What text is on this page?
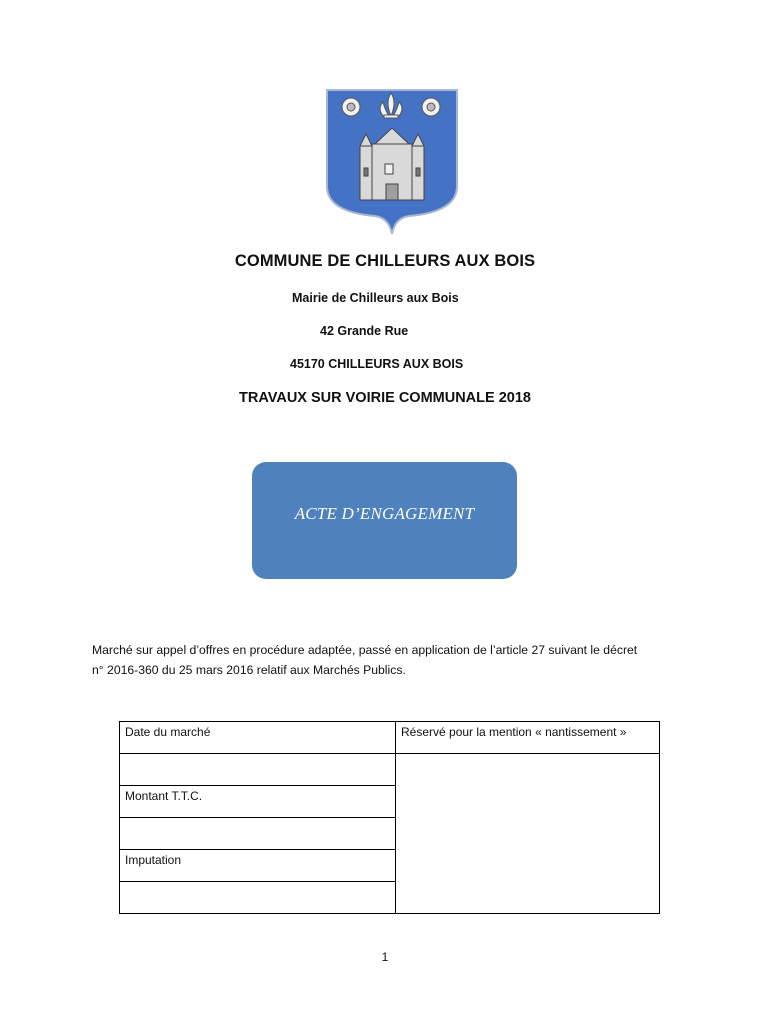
COMMUNE DE CHILLEURS AUX BOIS
Mairie de Chilleurs aux Bois
42 Grande Rue
45170 CHILLEURS AUX BOIS
TRAVAUX SUR VOIRIE COMMUNALE 2018
ACTE D’ENGAGEMENT
Marché sur appel d’offres en procédure adaptée, passé en application de l’article 27 suivant le décret
n° 2016-360 du 25 mars 2016 relatif aux Marchés Publics.
Date du marché	Réservé pour la mention « nantissement »

Montant T.T.C.	

Imputation	

1
